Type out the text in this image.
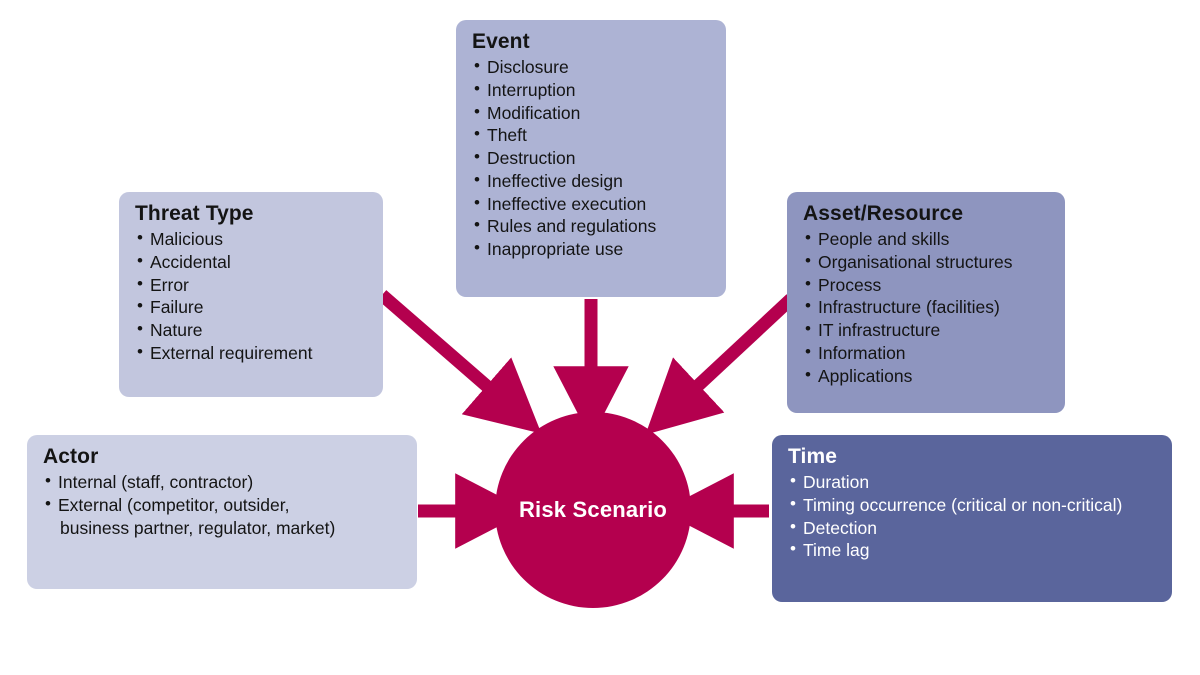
Event
• Disclosure
• Interruption
• Modification
• Theft
• Destruction
• Ineffective design
• Ineffective execution
• Rules and regulations
• Inappropriate use
Threat Type
• Malicious
• Accidental
• Error
• Failure
• Nature
• External requirement
Asset/Resource
• People and skills
• Organisational structures
• Process
• Infrastructure (facilities)
• IT infrastructure
• Information
• Applications
Actor
• Internal (staff, contractor)
• External (competitor, outsider,
business partner, regulator, market)
Time
• Duration
• Timing occurrence (critical or non-critical)
• Detection
• Time lag
Risk Scenario
